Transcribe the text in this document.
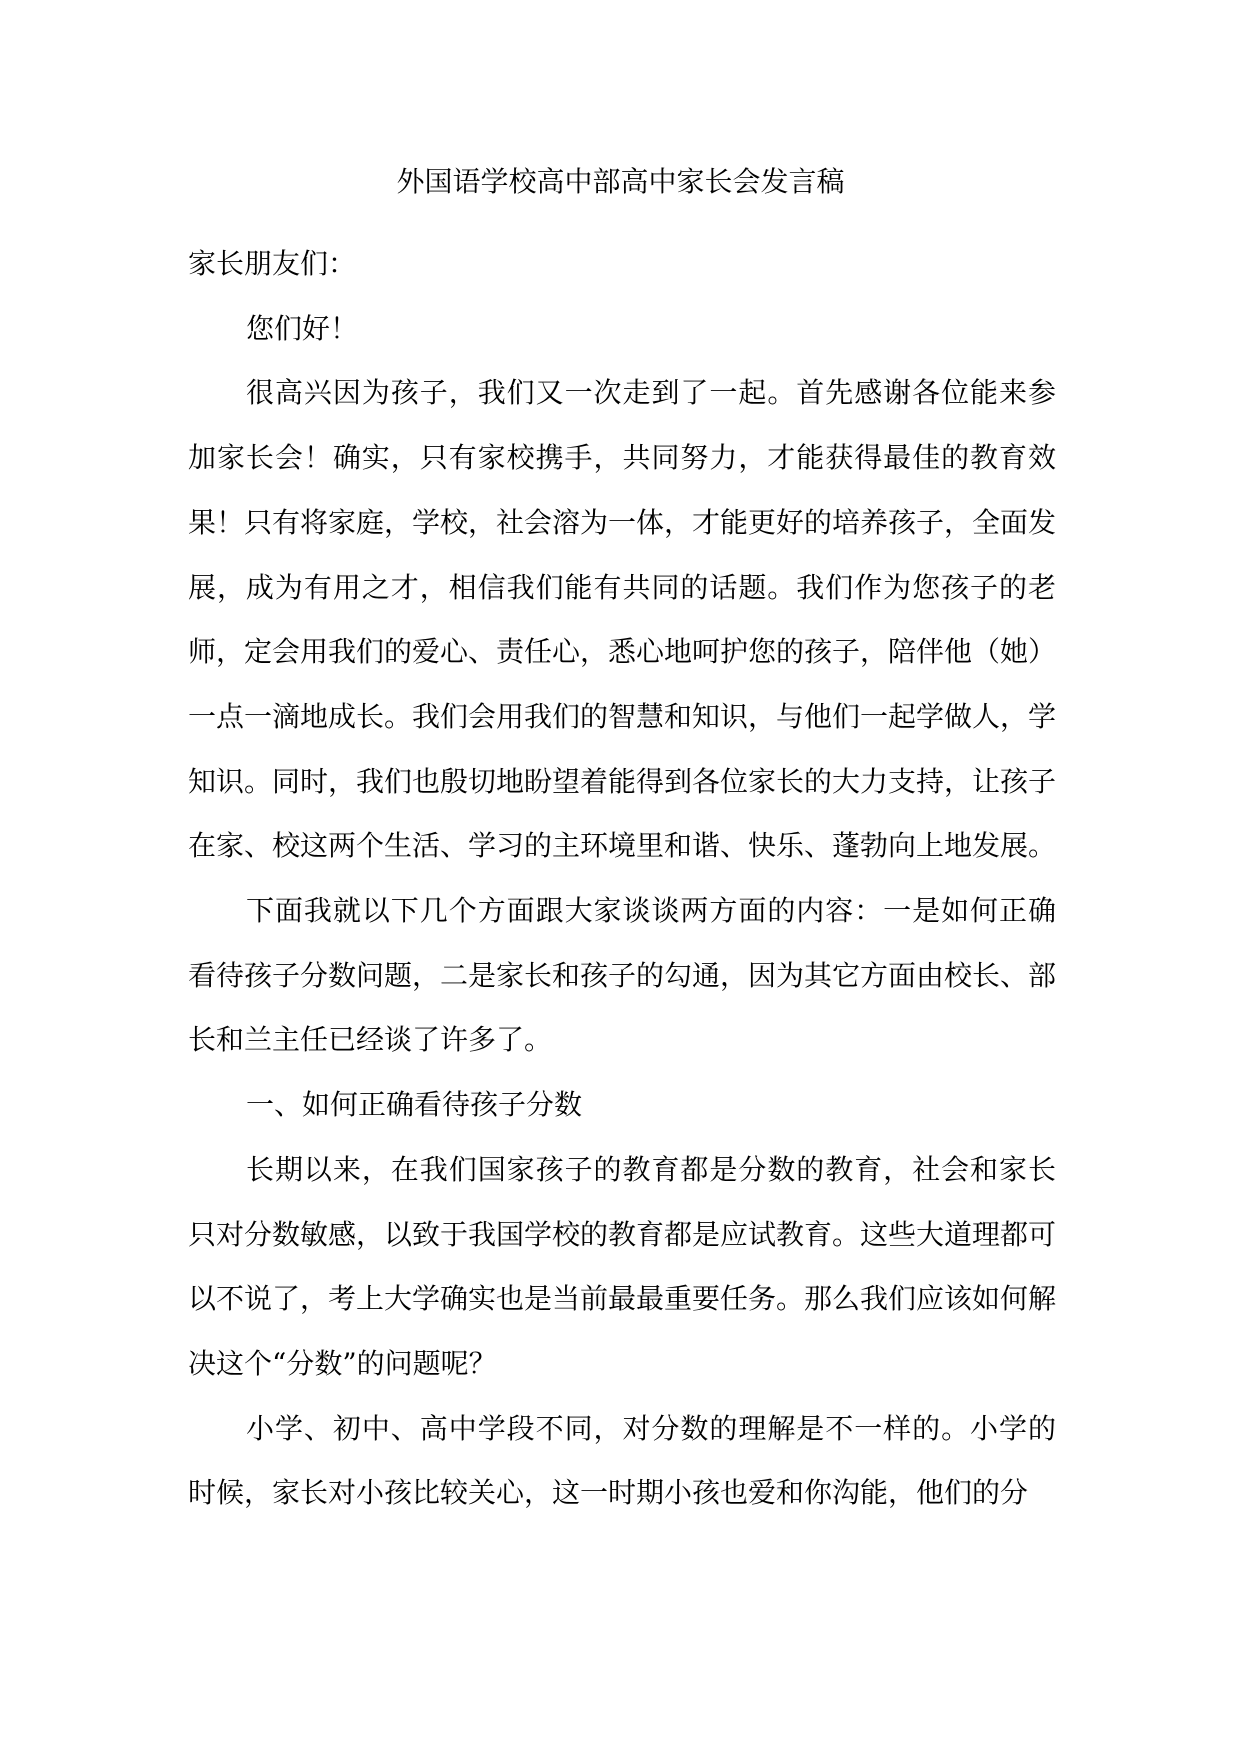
外国语学校高中部高中家长会发言稿

家长朋友们：

您们好！

很高兴因为孩子，我们又一次走到了一起。首先感谢各位能来参加家长会！确实，只有家校携手，共同努力，才能获得最佳的教育效果！只有将家庭，学校，社会溶为一体，才能更好的培养孩子，全面发展，成为有用之才，相信我们能有共同的话题。我们作为您孩子的老师，定会用我们的爱心、责任心，悉心地呵护您的孩子，陪伴他（她）一点一滴地成长。我们会用我们的智慧和知识，与他们一起学做人，学知识。同时，我们也殷切地盼望着能得到各位家长的大力支持，让孩子在家、校这两个生活、学习的主环境里和谐、快乐、蓬勃向上地发展。

下面我就以下几个方面跟大家谈谈两方面的内容：一是如何正确看待孩子分数问题，二是家长和孩子的勾通，因为其它方面由校长、部长和兰主任已经谈了许多了。

一、如何正确看待孩子分数

长期以来，在我们国家孩子的教育都是分数的教育，社会和家长只对分数敏感，以致于我国学校的教育都是应试教育。这些大道理都可以不说了，考上大学确实也是当前最最重要任务。那么我们应该如何解决这个“分数”的问题呢？

小学、初中、高中学段不同，对分数的理解是不一样的。小学的时候，家长对小孩比较关心，这一时期小孩也爱和你沟能，他们的分
